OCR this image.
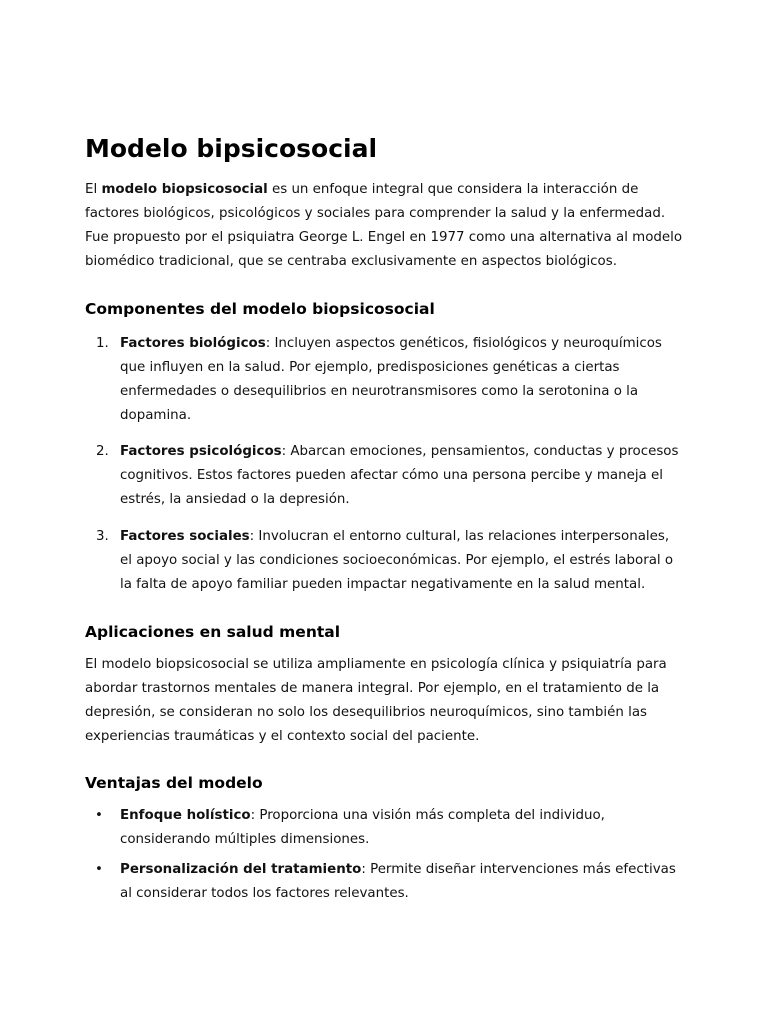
Modelo bipsicosocial

El modelo biopsicosocial es un enfoque integral que considera la interacción de factores biológicos, psicológicos y sociales para comprender la salud y la enfermedad. Fue propuesto por el psiquiatra George L. Engel en 1977 como una alternativa al modelo biomédico tradicional, que se centraba exclusivamente en aspectos biológicos.

Componentes del modelo biopsicosocial
1. Factores biológicos: Incluyen aspectos genéticos, fisiológicos y neuroquímicos que influyen en la salud. Por ejemplo, predisposiciones genéticas a ciertas enfermedades o desequilibrios en neurotransmisores como la serotonina o la dopamina.
2. Factores psicológicos: Abarcan emociones, pensamientos, conductas y procesos cognitivos. Estos factores pueden afectar cómo una persona percibe y maneja el estrés, la ansiedad o la depresión.
3. Factores sociales: Involucran el entorno cultural, las relaciones interpersonales, el apoyo social y las condiciones socioeconómicas. Por ejemplo, el estrés laboral o la falta de apoyo familiar pueden impactar negativamente en la salud mental.
Aplicaciones en salud mental

El modelo biopsicosocial se utiliza ampliamente en psicología clínica y psiquiatría para abordar trastornos mentales de manera integral. Por ejemplo, en el tratamiento de la depresión, se consideran no solo los desequilibrios neuroquímicos, sino también las experiencias traumáticas y el contexto social del paciente.

Ventajas del modelo
• Enfoque holístico: Proporciona una visión más completa del individuo, considerando múltiples dimensiones.
• Personalización del tratamiento: Permite diseñar intervenciones más efectivas al considerar todos los factores relevantes.
